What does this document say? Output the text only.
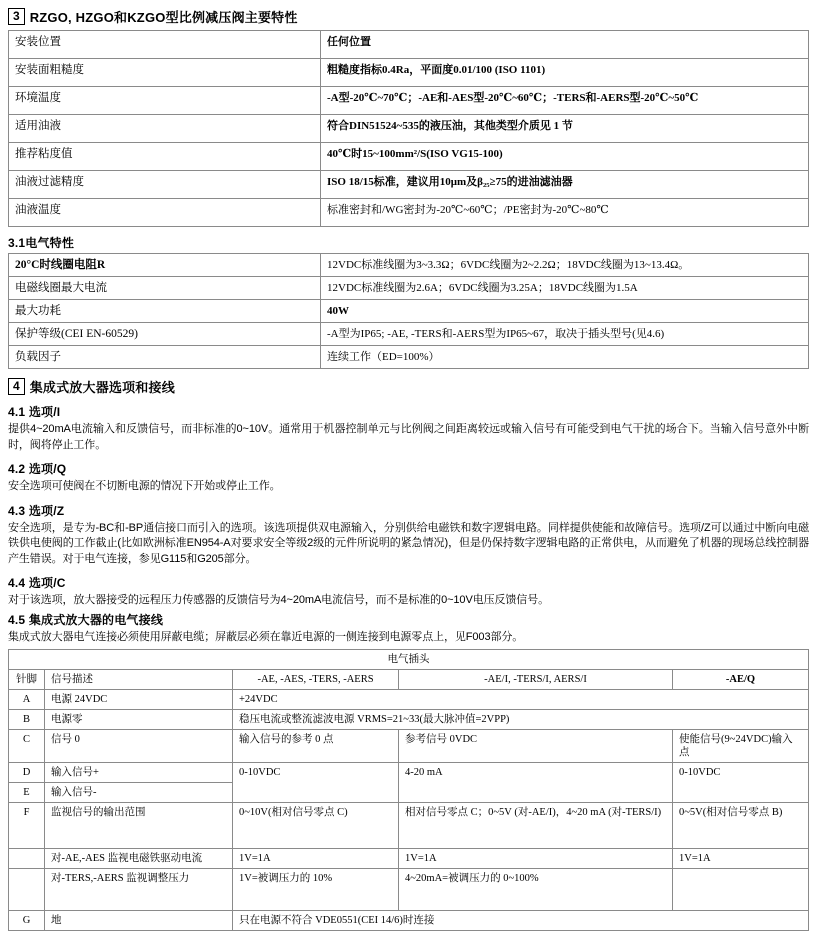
3 RZGO, HZGO和KZGO型比例减压阀主要特性
安装位置	任何位置
安装面粗糙度	粗糙度指标0.4Ra，平面度0.01/100 (ISO 1101)
环境温度	-A型-20℃~70℃；-AE和-AES型-20℃~60℃；-TERS和-AERS型-20℃~50℃
适用油液	符合DIN51524~535的液压油，其他类型介质见 1 节
推荐粘度值	40℃时15~100mm²/S(ISO VG15-100)
油液过滤精度	ISO 18/15标准，建议用10μm及β₂₅≥75的进油滤油器
油液温度	标准密封和/WG密封为-20℃~60℃；/PE密封为-20℃~80℃
3.1电气特性
20°C时线圈电阻R	12VDC标准线圈为3~3.3Ω；6VDC线圈为2~2.2Ω；18VDC线圈为13~13.4Ω。
电磁线圈最大电流	12VDC标准线圈为2.6A；6VDC线圈为3.25A；18VDC线圈为1.5A
最大功耗	40W
保护等级(CEI EN-60529)	-A型为IP65; -AE, -TERS和-AERS型为IP65~67，取决于插头型号(见4.6)
负载因子	连续工作（ED=100%）
4 集成式放大器选项和接线
4.1 选项/I

提供4~20mA电流输入和反馈信号，而非标准的0~10V。通常用于机器控制单元与比例阀之间距离较远或输入信号有可能受到电气干扰的场合下。当输入信号意外中断时，阀将停止工作。

4.2 选项/Q

安全选项可使阀在不切断电源的情况下开始或停止工作。

4.3 选项/Z

安全选项，是专为-BC和-BP通信接口而引入的选项。该选项提供双电源输入，分别供给电磁铁和数字逻辑电路。同样提供使能和故障信号。选项/Z可以通过中断向电磁铁供电使阀的工作截止(比如欧洲标准EN954-A对要求安全等级2级的元件所说明的紧急情况)，但是仍保持数字逻辑电路的正常供电，从而避免了机器的现场总线控制器产生错误。对于电气连接，参见G115和G205部分。

4.4 选项/C

对于该选项，放大器接受的远程压力传感器的反馈信号为4~20mA电流信号，而不是标准的0~10V电压反馈信号。

4.5 集成式放大器的电气接线

集成式放大器电气连接必须使用屏蔽电缆；屏蔽层必须在靠近电源的一侧连接到电源零点上，见F003部分。

电气插头				
针脚	信号描述	-AE, -AES, -TERS, -AERS	-AE/I, -TERS/I, AERS/I	-AE/Q
A	电源 24VDC	+24VDC		
B	电源零	稳压电流或整流滤波电源 VRMS=21~33(最大脉冲值=2VPP)		
C	信号 0	输入信号的参考 0 点	参考信号 0VDC	使能信号(9~24VDC)输入点
D	输入信号+	0-10VDC	4-20 mA	0-10VDC
E	输入信号-			
F	监视信号的输出范围	0~10V(相对信号零点 C)	相对信号零点 C；0~5V (对-AE/I)，4~20 mA (对-TERS/I)	0~5V(相对信号零点 B)
	对-AE,-AES 监视电磁铁驱动电流	1V=1A	1V=1A	1V=1A
	对-TERS,-AERS 监视调整压力	1V=被调压力的 10%	4~20mA=被调压力的 0~100%	
G	地	只在电源不符合 VDE0551(CEI 14/6)时连接		
